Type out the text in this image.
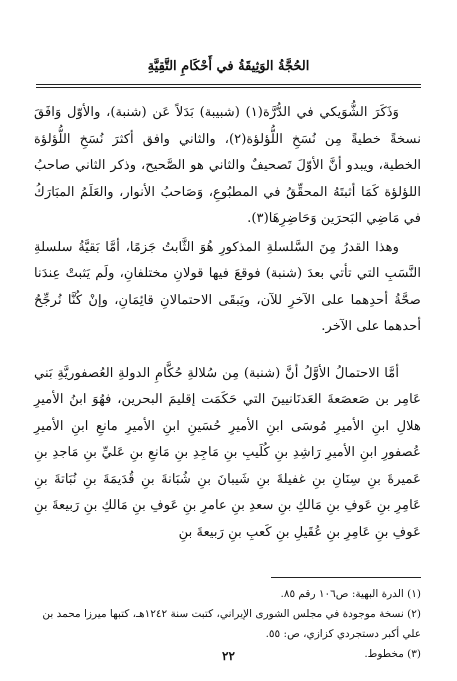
الحُجَّةُ الوَثِيقَةُ في أَحْكَامِ التَّقِيَّةِ

وَذَكَرَ الشُّوَيكي في الدُّرَّة(١) (شبيبة) بَدَلاً عَن (شنبة)، والأوّل وَافَقَ نسخةً خطيةً مِن نُسَخِ اللُّؤلؤة(٢)، والثاني وافق أكثرَ نُسَخِ اللُّؤلؤة الخطية، ويبدو أنَّ الأوّلَ تَصحيفٌ والثاني هو الصَّحيح، وذكر الثاني صاحبُ اللؤلؤة كَمَا أثبتَهُ المحقِّقُ في المطبُوعِ، وَصَاحبُ الأنوار، والعَلَمُ المبَارَكُ في مَاضِي البَحرَين وَحَاضِرِهَا(٣).

وهذا القدرُ مِنَ السَّلسلةِ المذكورِ هُوَ الثَّابتُ جَزمًا، أمَّا بَقيَّةُ سلسلةِ النَّسَبِ التي تأتي بعدَ (شنبة) فوقعَ فيها قولانِ مختلفانِ، ولَم يَثبتْ عِندَنا صحَّةُ أحدِهما على الآخرِ للآن، ويَبقَى الاحتمالانِ قائِمَانِ، وإنْ كُنَّا نُرجِّحُ أحدهما على الآخر.

أمَّا الاحتمالُ الأوَّلُ أنَّ (شنبة) مِن سُلالةِ حُكَّامِ الدولةِ العُصفوريَّةِ بَني عَامِر بن صَعصَعةَ العَدنَانيينَ التي حَكَمَت إقليمَ البحرين، فهُوَ ابنُ الأميرِ هلالِ ابنِ الأميرِ مُوسَى ابنِ الأميرِ حُسَينِ ابنِ الأميرِ مانعِ ابنِ الأميرِ عُصفورِ ابنِ الأميرِ رَاشِدِ بنِ كُلَيبِ بنِ مَاجِدِ بنِ مَانعِ بنِ عَليِّ بنِ مَاجدِ بنِ عَميرةَ بنِ سِنَانِ بنِ غفيلةَ بنِ شَيبانَ بنِ شُبَانةَ بنِ قُدَيمَةَ بنِ نُبَاتةَ بنِ عَامِرِ بنِ عَوفِ بنِ مَالكِ بنِ سعدِ بنِ عامرِ بنِ عَوفِ بنِ مَالكِ بنِ رَبيعةَ بنِ عَوفِ بنِ عَامِرِ بنِ عُقَيلِ بنِ كَعبِ بنِ رَبيعةَ بنِ

(١) الدرة البهية: ص١٠٦ رقم ٨٥.

(٢) نسخة موجودة في مجلس الشورى الإيراني، كتبت سنة ١٢٤٢هـ، كتبها ميرزا محمد بن علي أكبر دستجردي كزازي، ص: ٥٥.

(٣) مخطوط.

٢٢
